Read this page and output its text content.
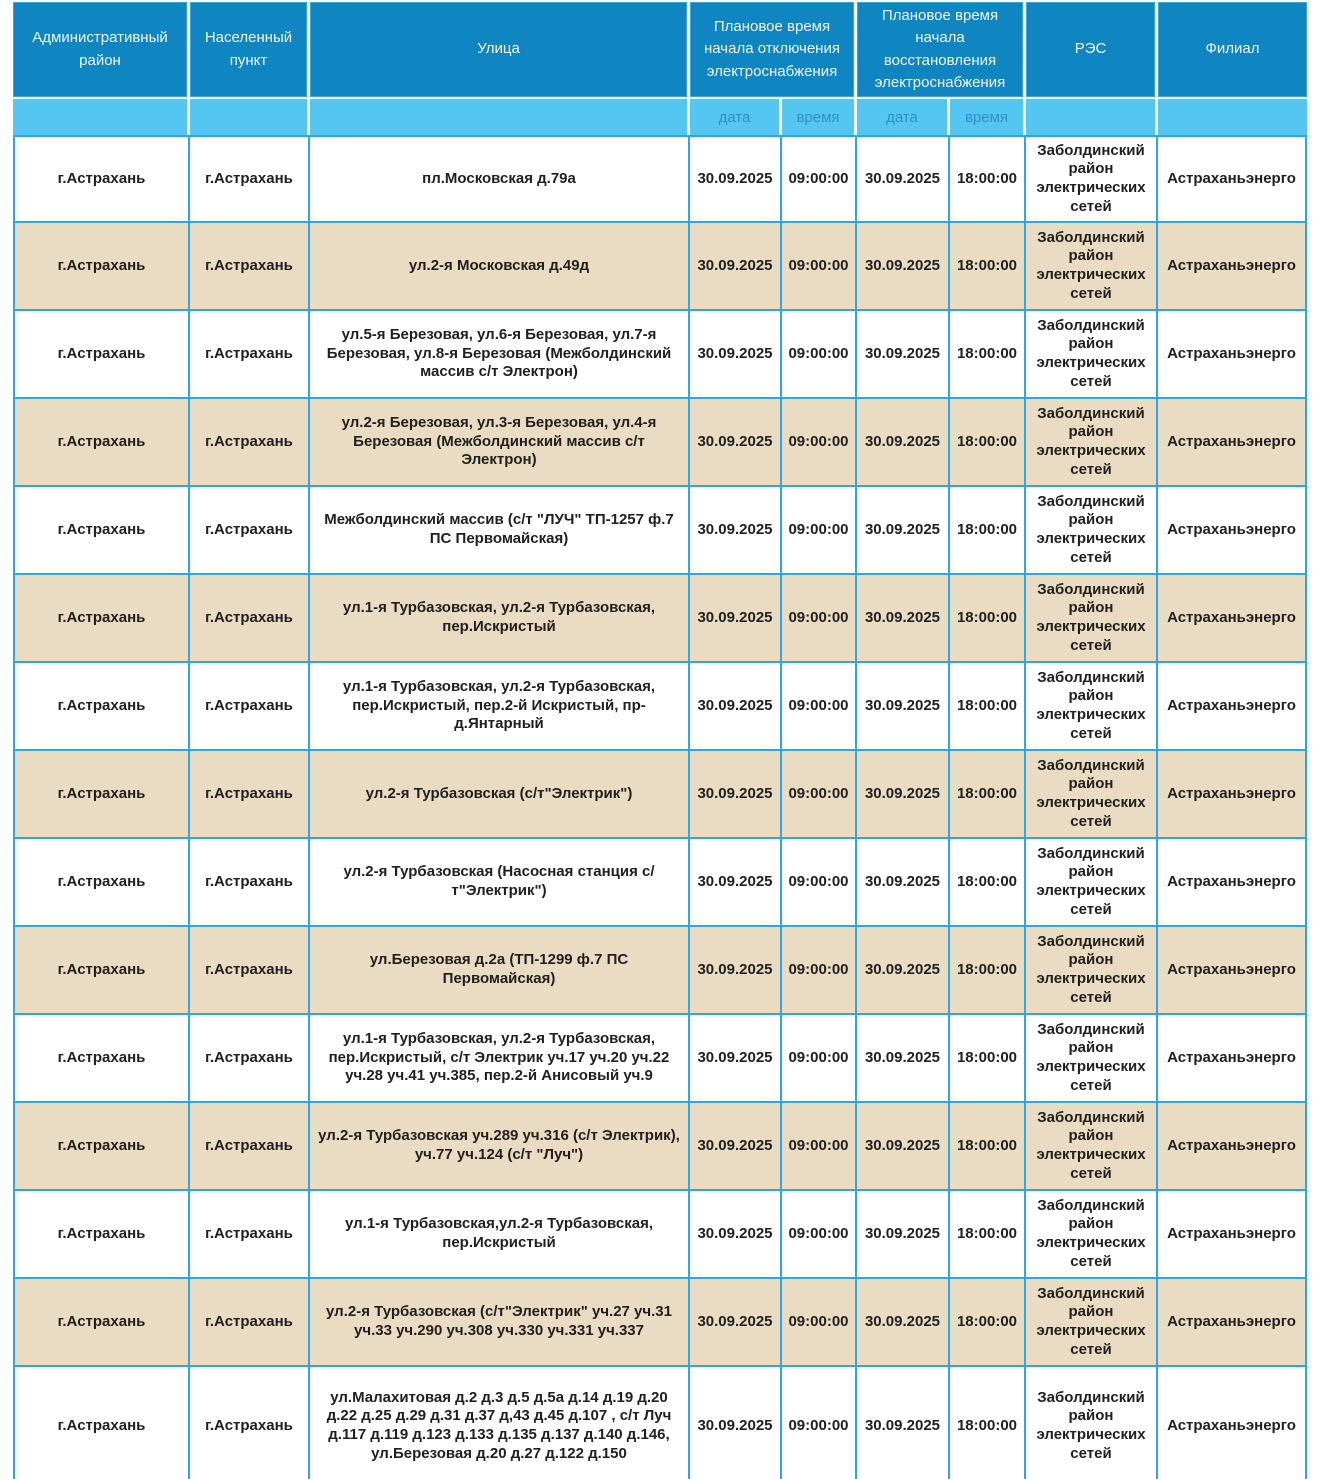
Административный район	Населенный пункт	Улица	Плановое время начала отключения электроснабжения		Плановое время начала восстановления электроснабжения		РЭС	Филиал
			дата	время	дата	время		
г.Астрахань	г.Астрахань	пл.Московская д.79а	30.09.2025	09:00:00	30.09.2025	18:00:00	Заболдинский район электрических сетей	Астраханьэнерго
г.Астрахань	г.Астрахань	ул.2-я Московская д.49д	30.09.2025	09:00:00	30.09.2025	18:00:00	Заболдинский район электрических сетей	Астраханьэнерго
г.Астрахань	г.Астрахань	ул.5-я Березовая, ул.6-я Березовая, ул.7-я Березовая, ул.8-я Березовая (Межболдинский массив с/т Электрон)	30.09.2025	09:00:00	30.09.2025	18:00:00	Заболдинский район электрических сетей	Астраханьэнерго
г.Астрахань	г.Астрахань	ул.2-я Березовая, ул.3-я Березовая, ул.4-я Березовая (Межболдинский массив с/т Электрон)	30.09.2025	09:00:00	30.09.2025	18:00:00	Заболдинский район электрических сетей	Астраханьэнерго
г.Астрахань	г.Астрахань	Межболдинский массив (с/т "ЛУЧ" ТП-1257 ф.7 ПС Первомайская)	30.09.2025	09:00:00	30.09.2025	18:00:00	Заболдинский район электрических сетей	Астраханьэнерго
г.Астрахань	г.Астрахань	ул.1-я Турбазовская, ул.2-я Турбазовская, пер.Искристый	30.09.2025	09:00:00	30.09.2025	18:00:00	Заболдинский район электрических сетей	Астраханьэнерго
г.Астрахань	г.Астрахань	ул.1-я Турбазовская, ул.2-я Турбазовская, пер.Искристый, пер.2-й Искристый, пр-д.Янтарный	30.09.2025	09:00:00	30.09.2025	18:00:00	Заболдинский район электрических сетей	Астраханьэнерго
г.Астрахань	г.Астрахань	ул.2-я Турбазовская (с/т"Электрик")	30.09.2025	09:00:00	30.09.2025	18:00:00	Заболдинский район электрических сетей	Астраханьэнерго
г.Астрахань	г.Астрахань	ул.2-я Турбазовская (Насосная станция с/т"Электрик")	30.09.2025	09:00:00	30.09.2025	18:00:00	Заболдинский район электрических сетей	Астраханьэнерго
г.Астрахань	г.Астрахань	ул.Березовая д.2а (ТП-1299 ф.7 ПС Первомайская)	30.09.2025	09:00:00	30.09.2025	18:00:00	Заболдинский район электрических сетей	Астраханьэнерго
г.Астрахань	г.Астрахань	ул.1-я Турбазовская, ул.2-я Турбазовская, пер.Искристый, с/т Электрик уч.17 уч.20 уч.22 уч.28 уч.41 уч.385, пер.2-й Анисовый уч.9	30.09.2025	09:00:00	30.09.2025	18:00:00	Заболдинский район электрических сетей	Астраханьэнерго
г.Астрахань	г.Астрахань	ул.2-я Турбазовская уч.289 уч.316 (с/т Электрик), уч.77 уч.124 (с/т "Луч")	30.09.2025	09:00:00	30.09.2025	18:00:00	Заболдинский район электрических сетей	Астраханьэнерго
г.Астрахань	г.Астрахань	ул.1-я Турбазовская,ул.2-я Турбазовская, пер.Искристый	30.09.2025	09:00:00	30.09.2025	18:00:00	Заболдинский район электрических сетей	Астраханьэнерго
г.Астрахань	г.Астрахань	ул.2-я Турбазовская (с/т"Электрик" уч.27 уч.31 уч.33 уч.290 уч.308 уч.330 уч.331 уч.337	30.09.2025	09:00:00	30.09.2025	18:00:00	Заболдинский район электрических сетей	Астраханьэнерго
г.Астрахань	г.Астрахань	ул.Малахитовая д.2 д.3 д.5 д.5а д.14 д.19 д.20 д.22 д.25 д.29 д.31 д.37 д,43 д.45 д.107 , с/т Луч д.117 д.119 д.123 д.133 д.135 д.137 д.140 д.146, ул.Березовая д.20 д.27 д.122 д.150	30.09.2025	09:00:00	30.09.2025	18:00:00	Заболдинский район электрических сетей	Астраханьэнерго
